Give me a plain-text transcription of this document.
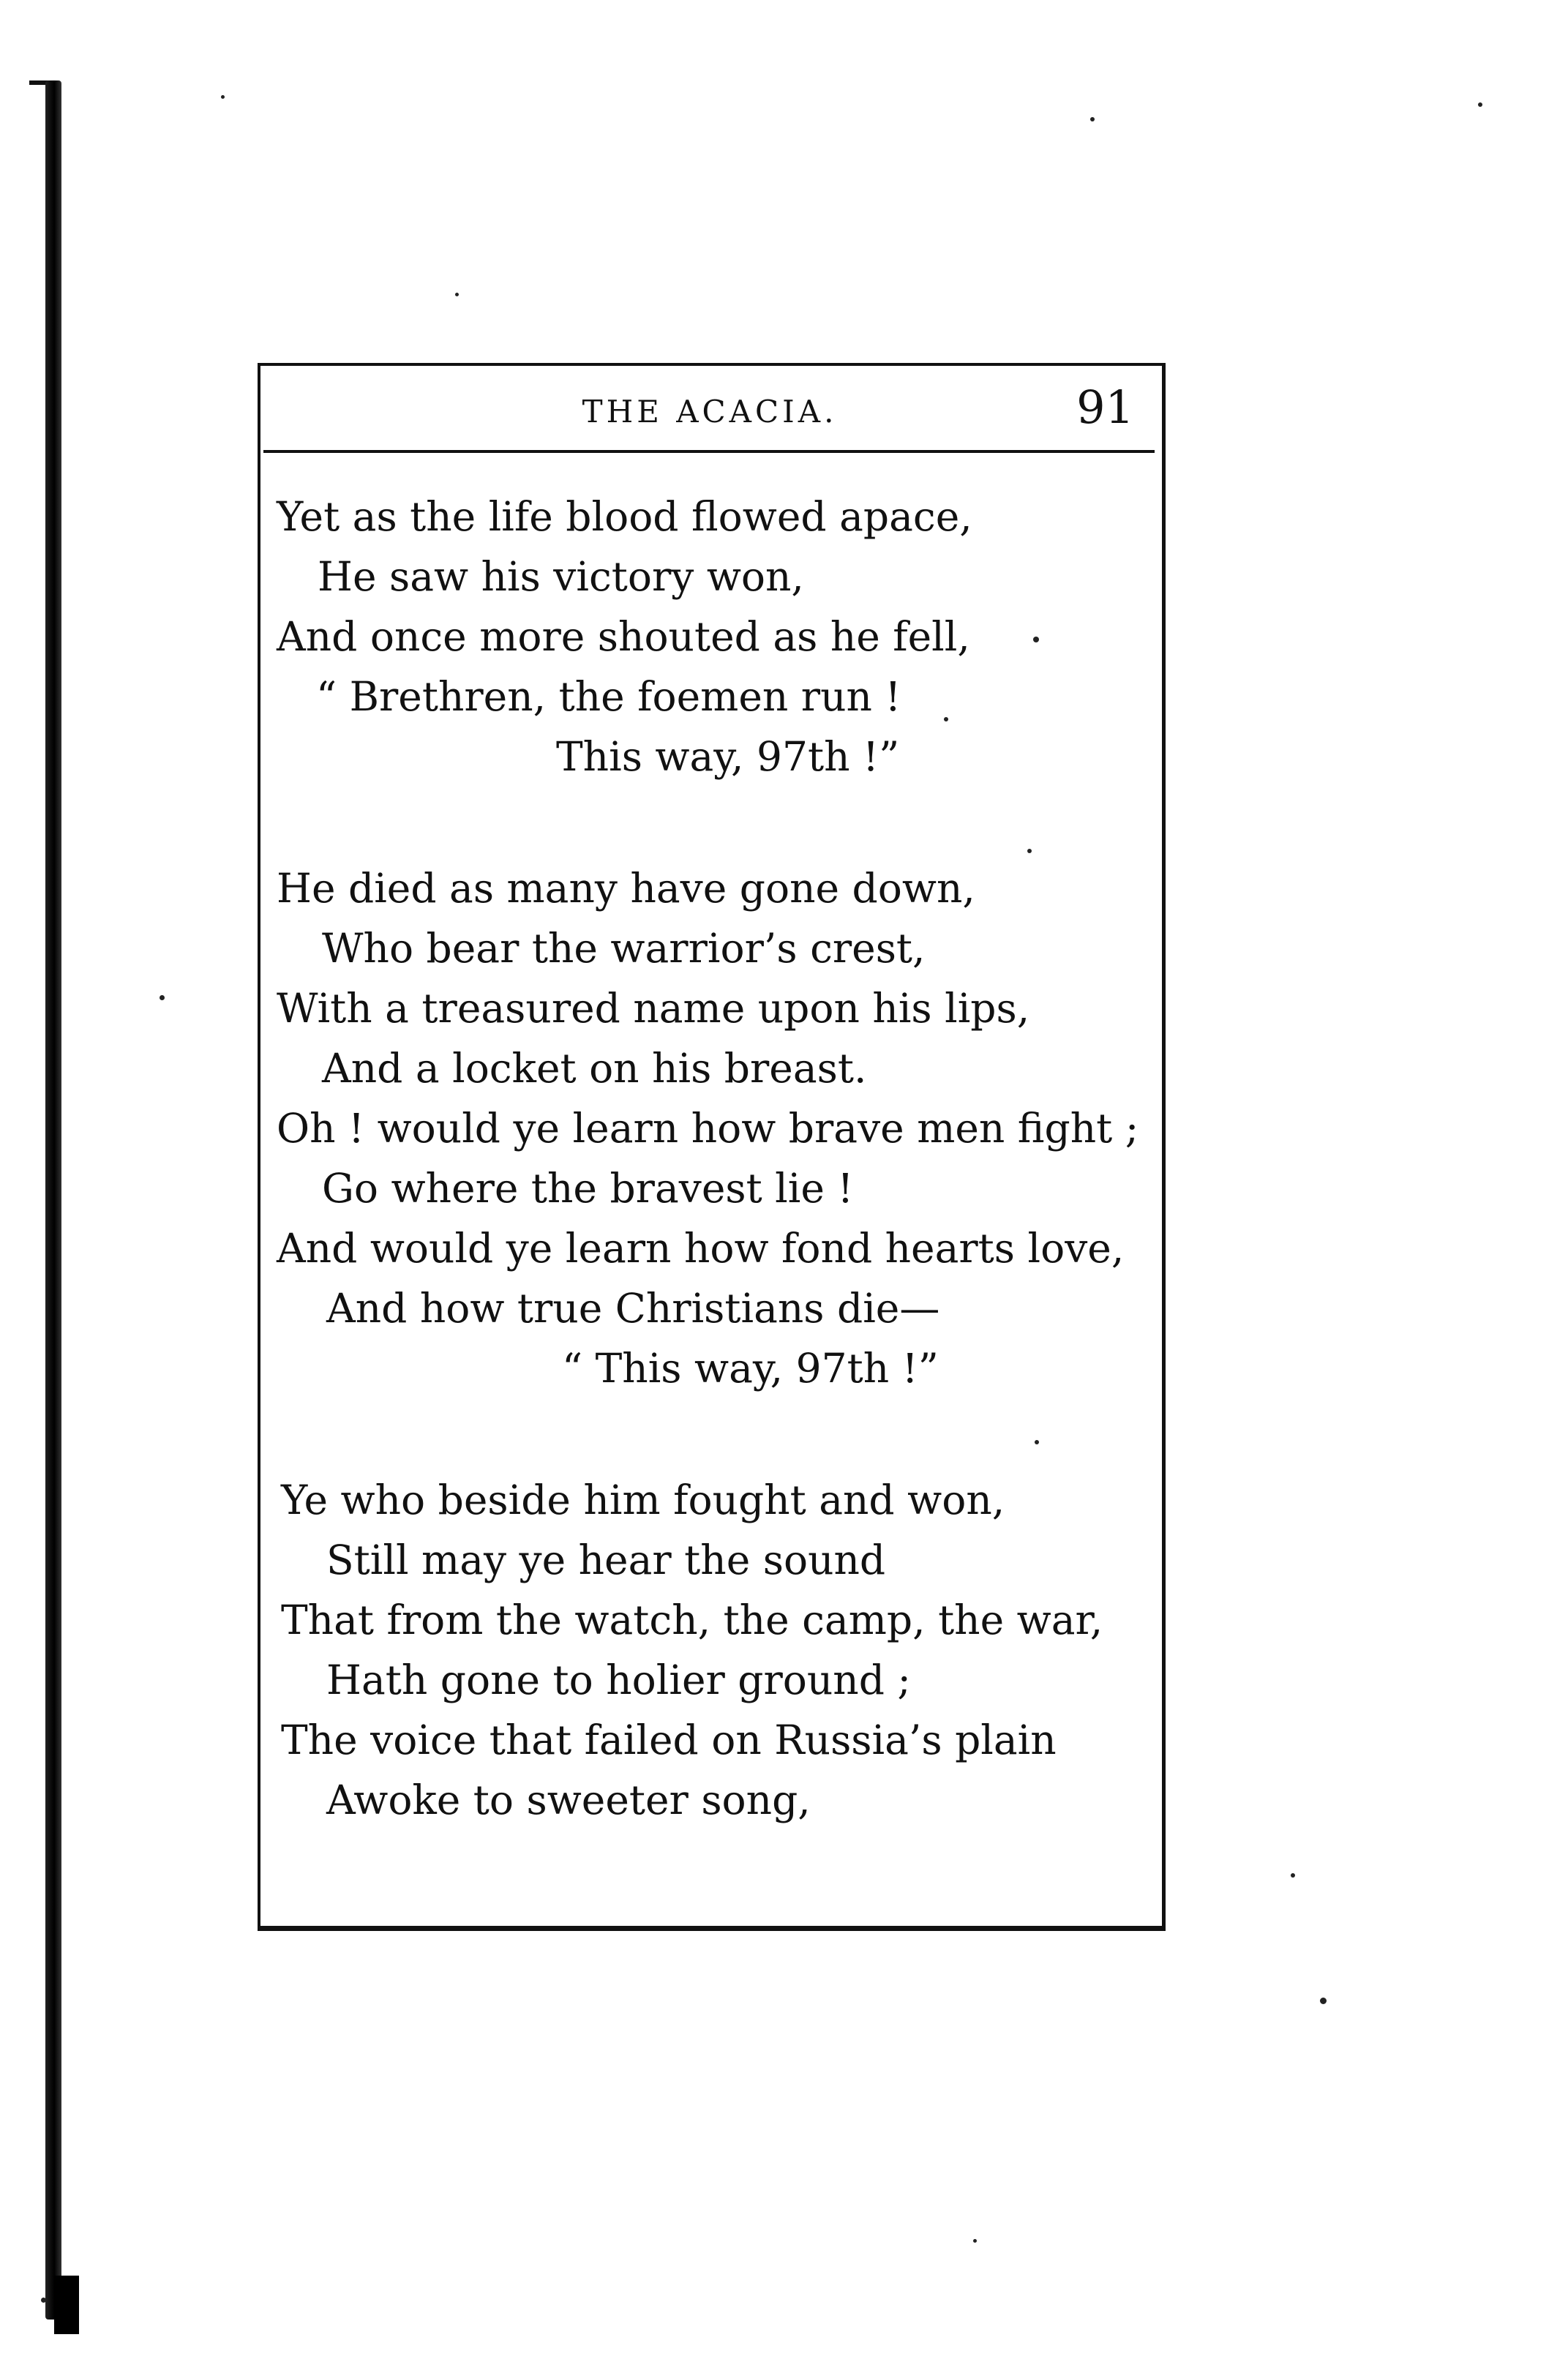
THE ACACIA.	91
Yet as the life blood flowed apace,
He saw his victory won,
And once more shouted as he fell,
“ Brethren, the foemen run !
This way, 97th !”
He died as many have gone down,
Who bear the warrior’s crest,
With a treasured name upon his lips,
And a locket on his breast.
Oh ! would ye learn how brave men fight ;
Go where the bravest lie !
And would ye learn how fond hearts love,
And how true Christians die—
“ This way, 97th !”
Ye who beside him fought and won,
Still may ye hear the sound
That from the watch, the camp, the war,
Hath gone to holier ground ;
The voice that failed on Russia’s plain
Awoke to sweeter song,
